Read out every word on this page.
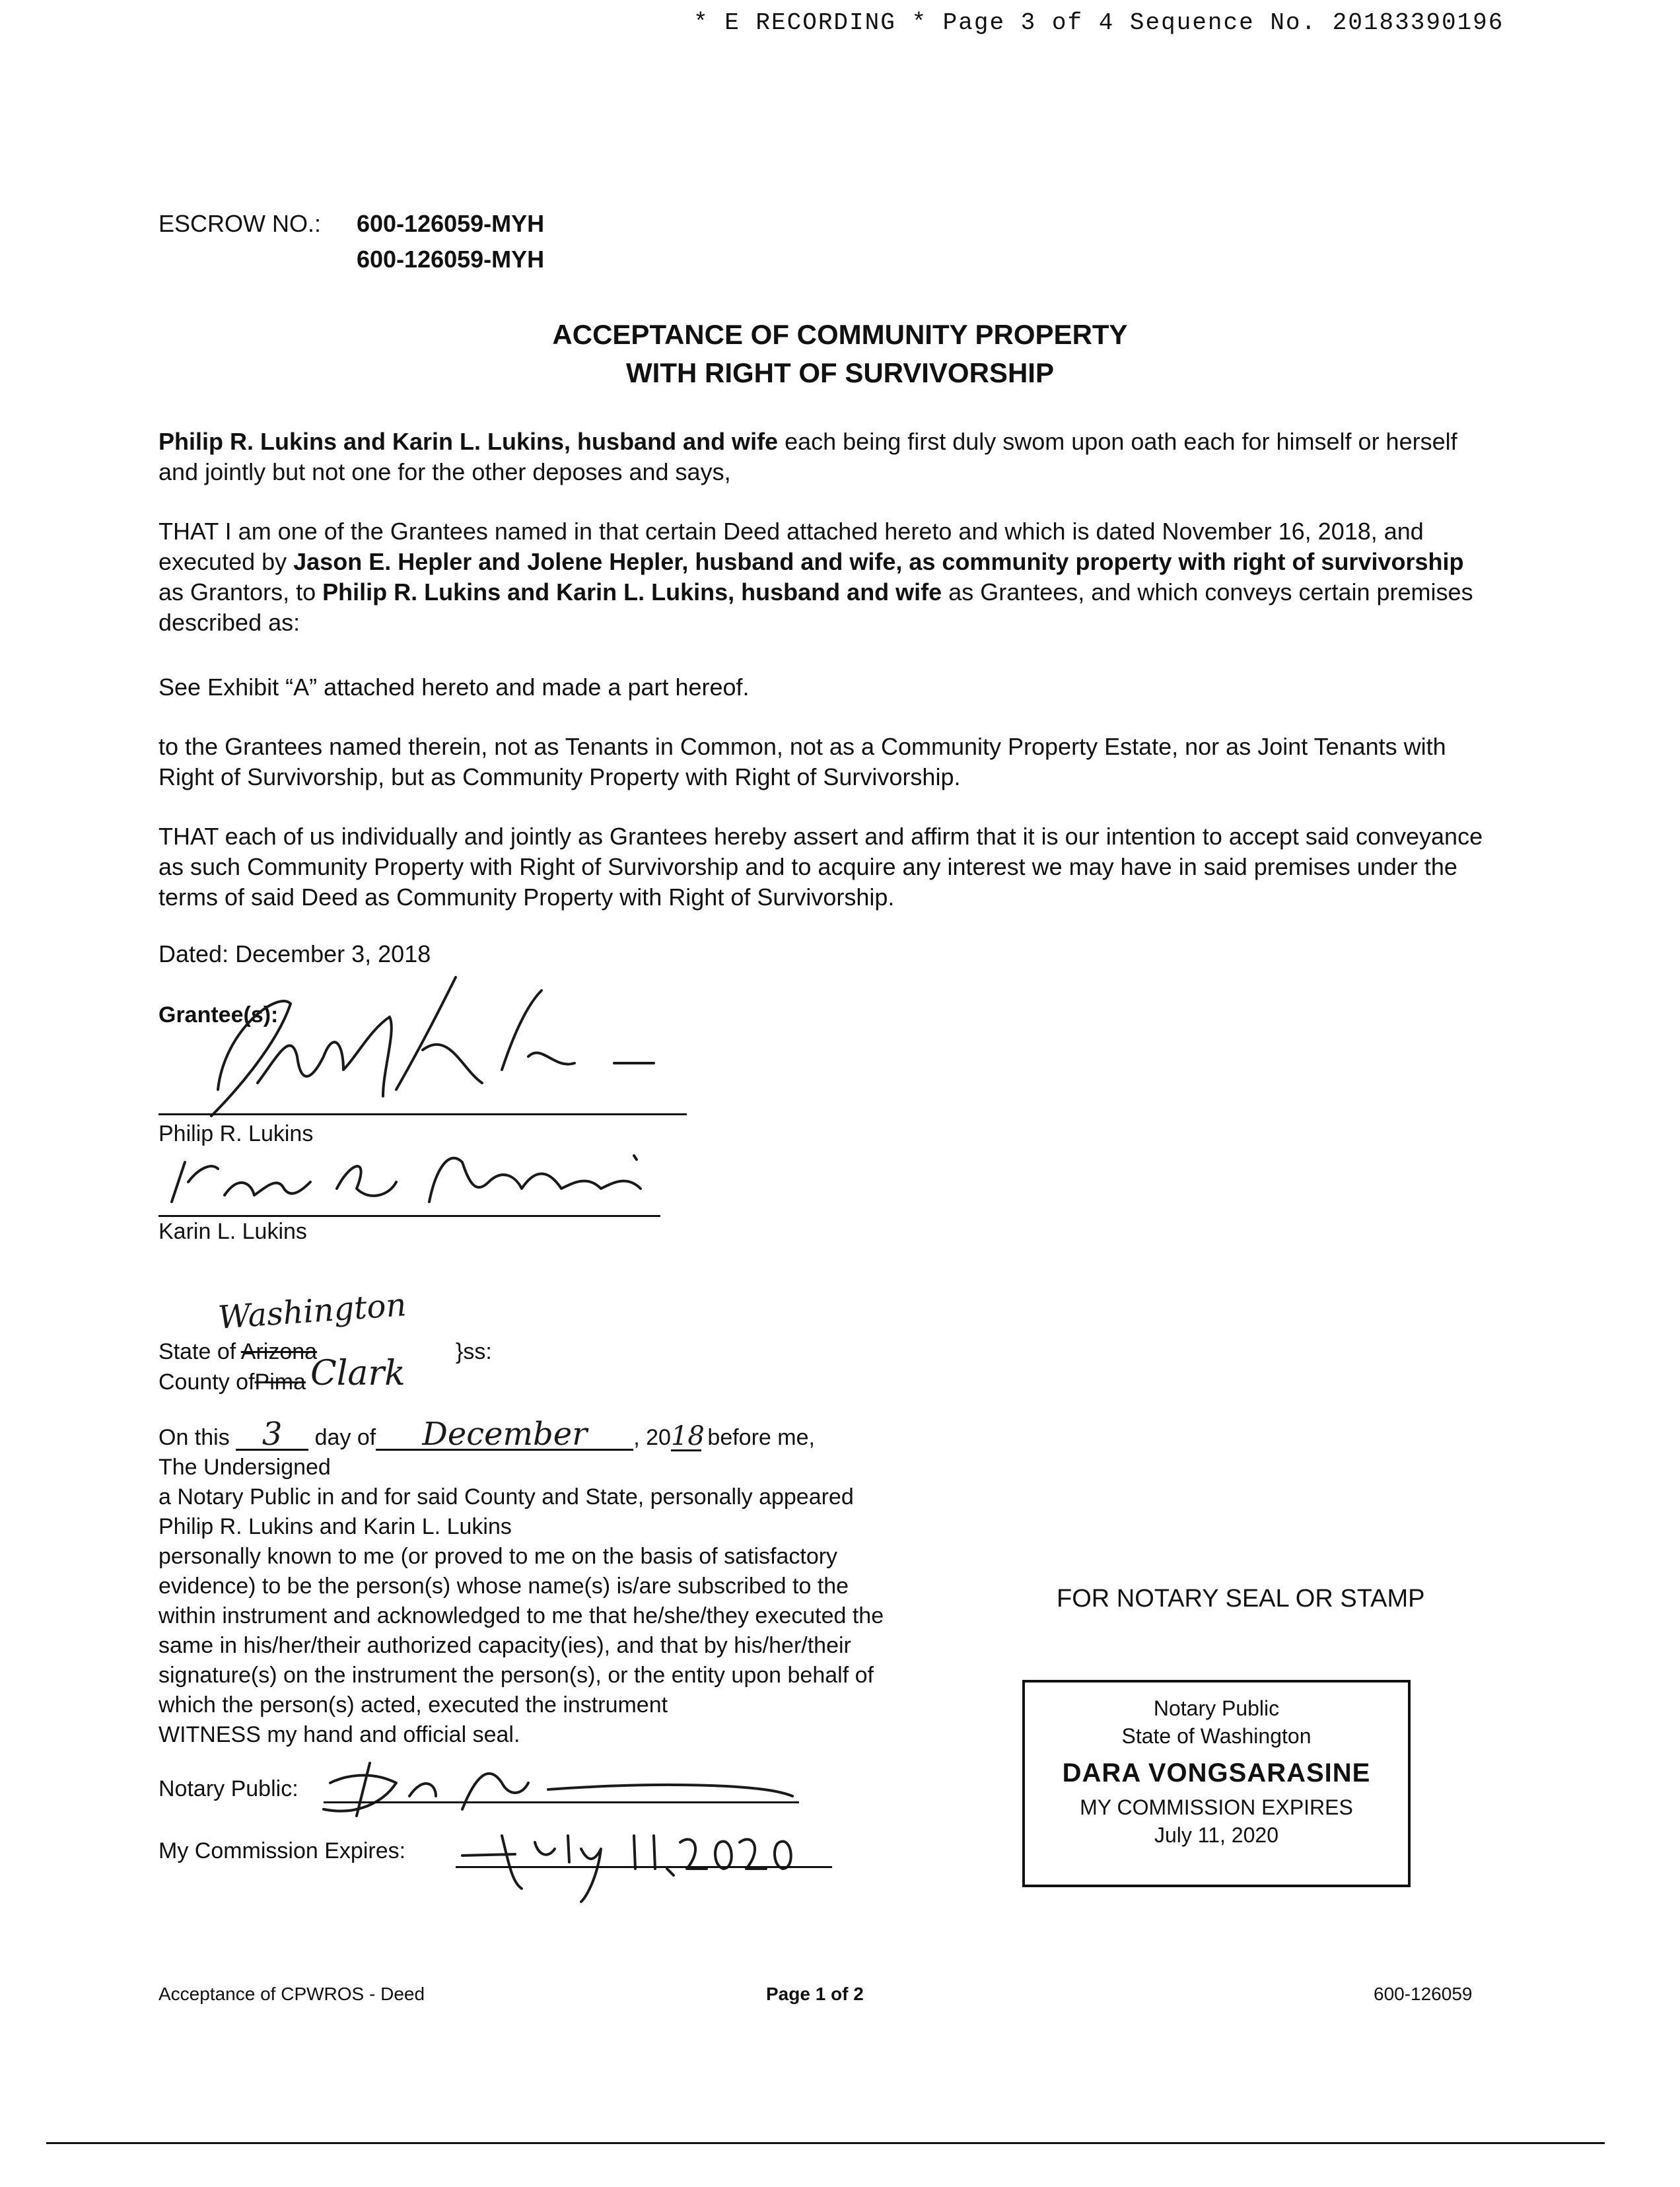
* E RECORDING * Page 3 of 4 Sequence No. 20183390196
ESCROW NO.: 600-126059-MYH
600-126059-MYH
ACCEPTANCE OF COMMUNITY PROPERTY
WITH RIGHT OF SURVIVORSHIP
Philip R. Lukins and Karin L. Lukins, husband and wife each being first duly swom upon oath each for himself or herself and jointly but not one for the other deposes and says,
THAT I am one of the Grantees named in that certain Deed attached hereto and which is dated November 16, 2018, and executed by Jason E. Hepler and Jolene Hepler, husband and wife, as community property with right of survivorship as Grantors, to Philip R. Lukins and Karin L. Lukins, husband and wife as Grantees, and which conveys certain premises described as:
See Exhibit “A” attached hereto and made a part hereof.
to the Grantees named therein, not as Tenants in Common, not as a Community Property Estate, nor as Joint Tenants with Right of Survivorship, but as Community Property with Right of Survivorship.
THAT each of us individually and jointly as Grantees hereby assert and affirm that it is our intention to accept said conveyance as such Community Property with Right of Survivorship and to acquire any interest we may have in said premises under the terms of said Deed as Community Property with Right of Survivorship.
Dated: December 3, 2018
Grantee(s):
Philip R. Lukins
Karin L. Lukins
Washington
State of Arizona	}ss:
County ofPima Clark
On this 3 day of December , 2018 before me,
The Undersigned
a Notary Public in and for said County and State, personally appeared
Philip R. Lukins and Karin L. Lukins
personally known to me (or proved to me on the basis of satisfactory
evidence) to be the person(s) whose name(s) is/are subscribed to the
within instrument and acknowledged to me that he/she/they executed the
same in his/her/their authorized capacity(ies), and that by his/her/their
signature(s) on the instrument the person(s), or the entity upon behalf of
which the person(s) acted, executed the instrument
WITNESS my hand and official seal.
Notary Public:
My Commission Expires:
FOR NOTARY SEAL OR STAMP
Notary Public
State of Washington
DARA VONGSARASINE
MY COMMISSION EXPIRES
July 11, 2020
Acceptance of CPWROS - Deed	Page 1 of 2	600-126059
